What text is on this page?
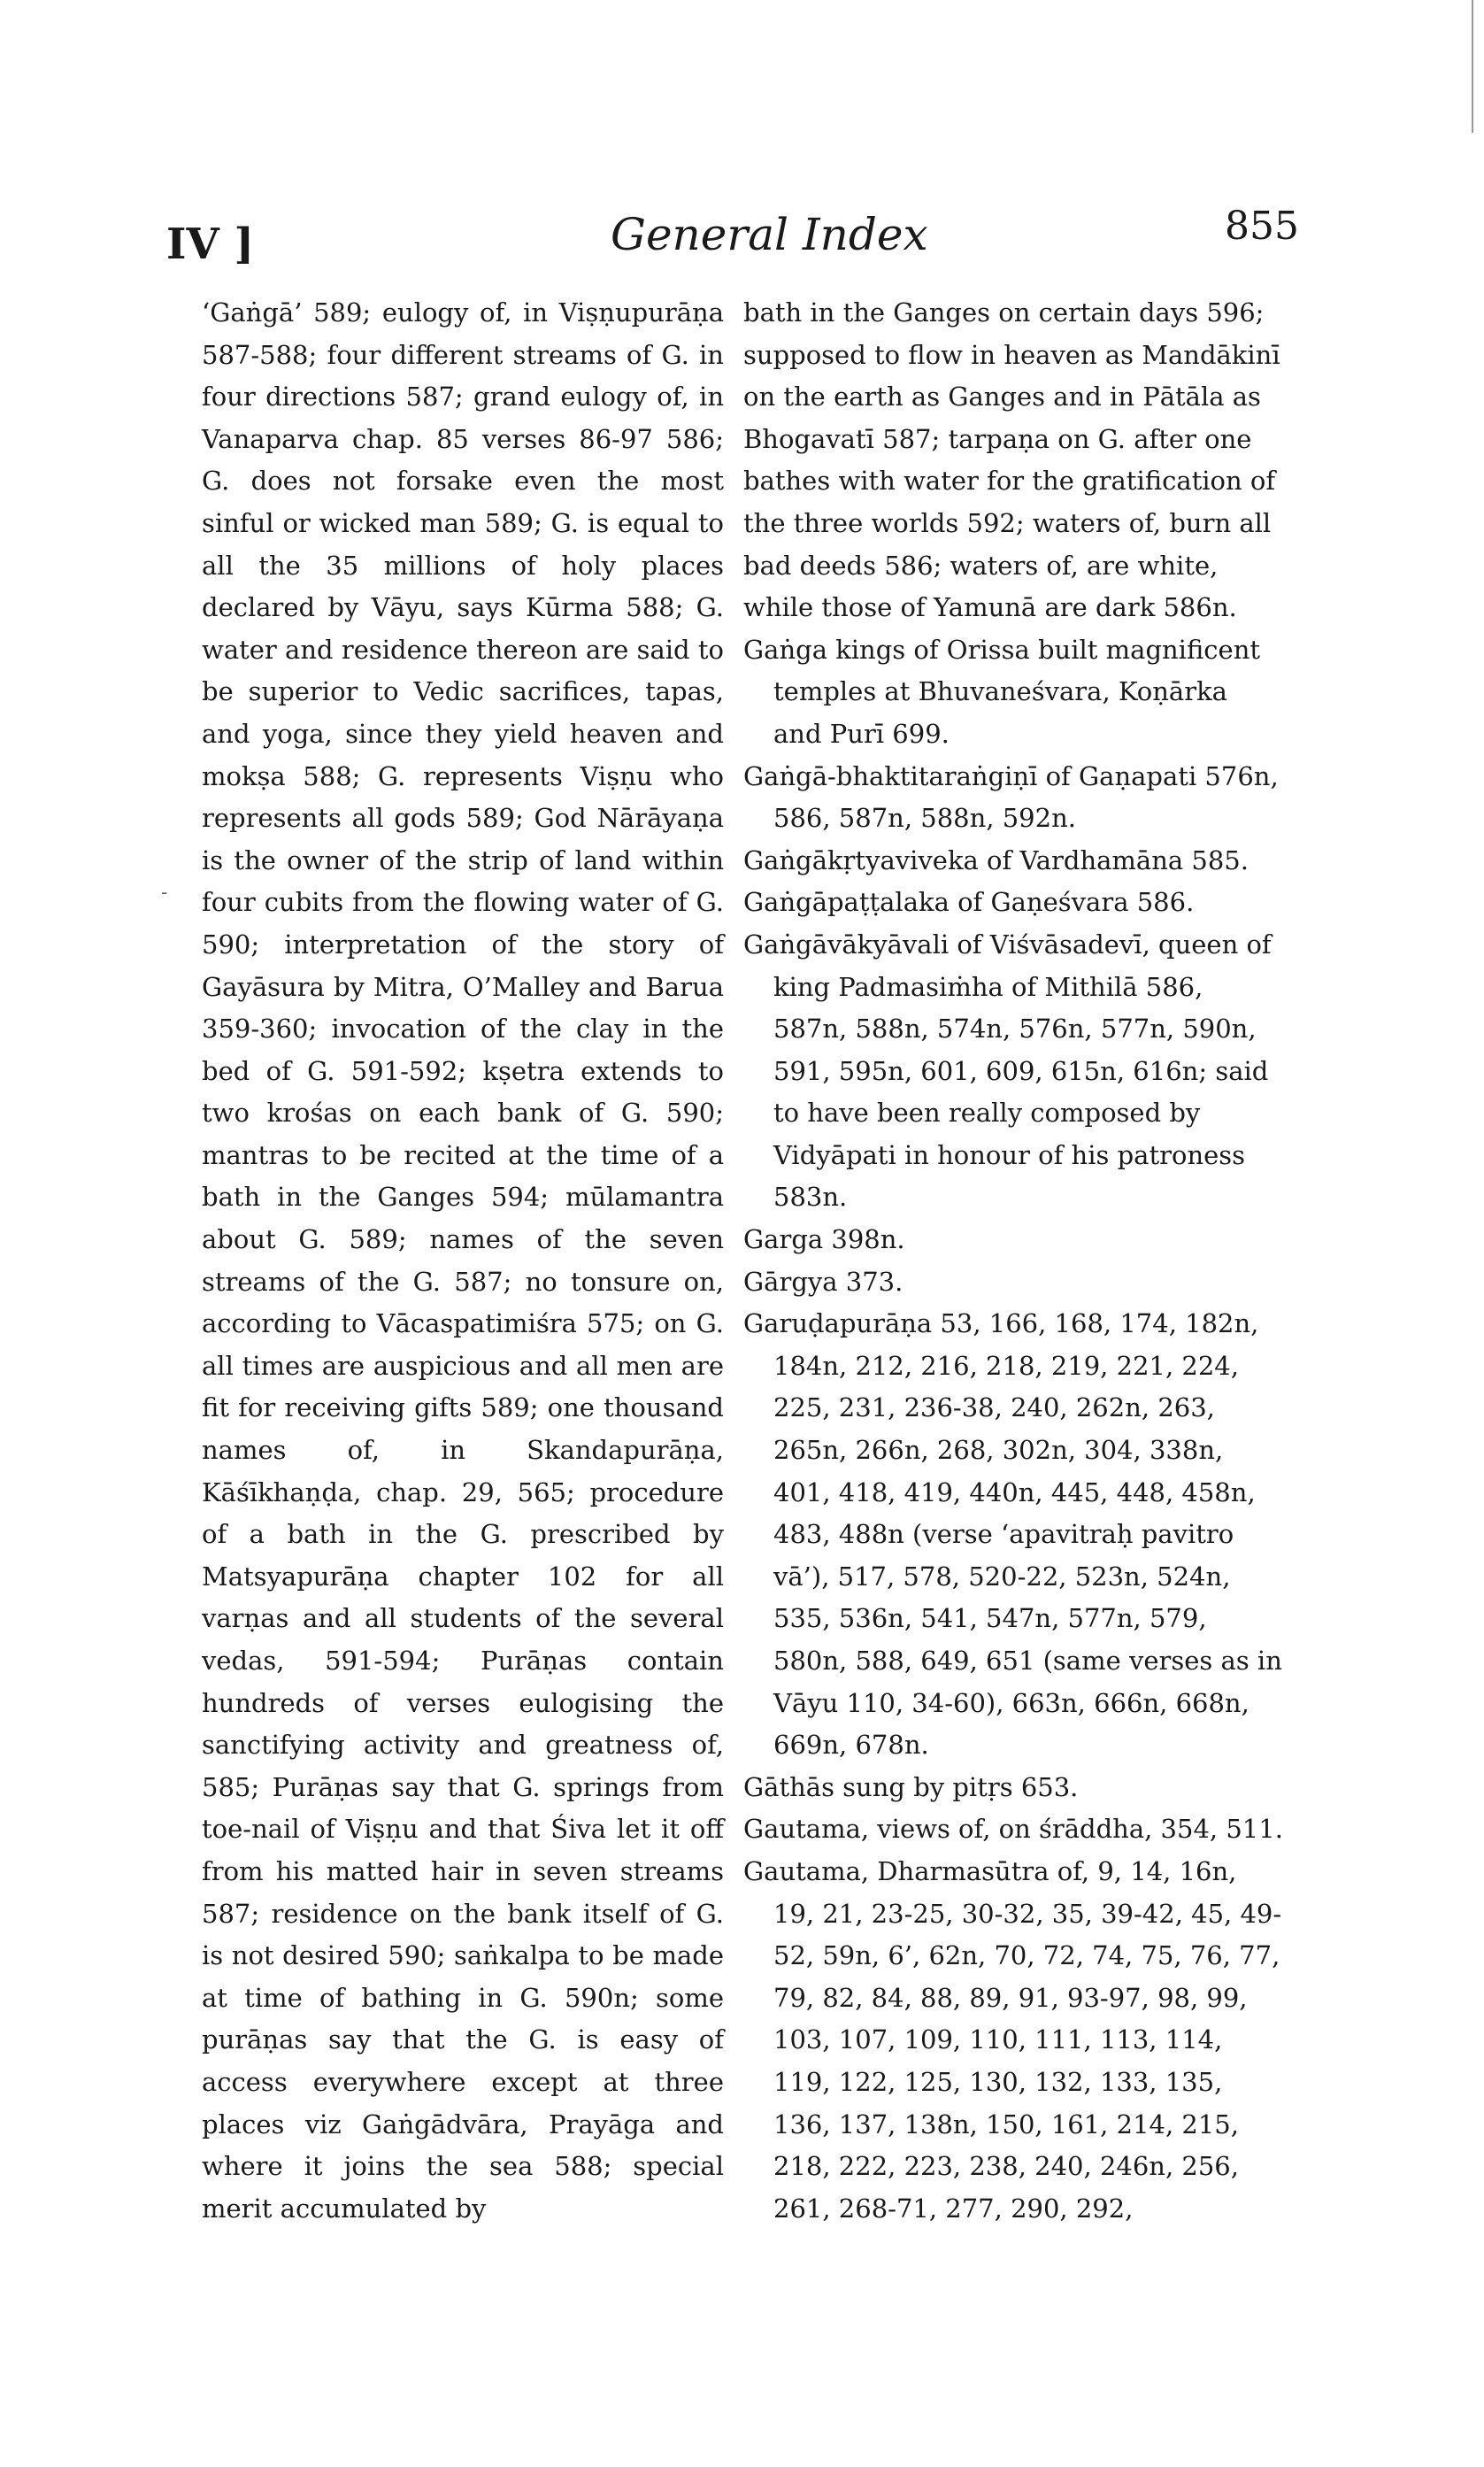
IV ]	General Index	855
-

‘Gaṅgā’ 589; eulogy of, in Viṣṇupurāṇa 587-588; four different streams of G. in four directions 587; grand eulogy of, in Vanaparva chap. 85 verses 86-97 586; G. does not forsake even the most sinful or wicked man 589; G. is equal to all the 35 millions of holy places declared by Vāyu, says Kūrma 588; G. water and residence thereon are said to be superior to Vedic sacrifices, tapas, and yoga, since they yield heaven and mokṣa 588; G. represents Viṣṇu who represents all gods 589; God Nārāyaṇa is the owner of the strip of land within four cubits from the flowing water of G. 590; interpretation of the story of Gayāsura by Mitra, O’Malley and Barua 359-360; invocation of the clay in the bed of G. 591-592; kṣetra extends to two krośas on each bank of G. 590; mantras to be recited at the time of a bath in the Ganges 594; mūlamantra about G. 589; names of the seven streams of the G. 587; no tonsure on, according to Vācaspatimiśra 575; on G. all times are auspicious and all men are fit for receiving gifts 589; one thousand names of, in Skandapurāṇa, Kāśīkhaṇḍa, chap. 29, 565; procedure of a bath in the G. prescribed by Matsyapurāṇa chapter 102 for all varṇas and all students of the several vedas, 591-594; Purāṇas contain hundreds of verses eulogising the sanctifying activity and greatness of, 585; Purāṇas say that G. springs from toe-nail of Viṣṇu and that Śiva let it off from his matted hair in seven streams 587; residence on the bank itself of G. is not desired 590; saṅkalpa to be made at time of bathing in G. 590n; some purāṇas say that the G. is easy of access everywhere except at three places viz Gaṅgādvāra, Prayāga and where it joins the sea 588; special merit accumulated by

bath in the Ganges on certain days 596; supposed to flow in heaven as Mandākinī on the earth as Ganges and in Pātāla as Bhogavatī 587; tarpaṇa on G. after one bathes with water for the gratification of the three worlds 592; waters of, burn all bad deeds 586; waters of, are white, while those of Yamunā are dark 586n.

Gaṅga kings of Orissa built magnificent temples at Bhuvaneśvara, Koṇārka and Purī 699.

Gaṅgā-bhaktitaraṅgiṇī of Gaṇapati 576n, 586, 587n, 588n, 592n.

Gaṅgākṛtyaviveka of Vardhamāna 585.

Gaṅgāpaṭṭalaka of Gaṇeśvara 586.

Gaṅgāvākyāvali of Viśvāsadevī, queen of king Padmasiṁha of Mithilā 586, 587n, 588n, 574n, 576n, 577n, 590n, 591, 595n, 601, 609, 615n, 616n; said to have been really composed by Vidyāpati in honour of his patroness 583n.

Garga 398n.

Gārgya 373.

Garuḍapurāṇa 53, 166, 168, 174, 182n, 184n, 212, 216, 218, 219, 221, 224, 225, 231, 236-38, 240, 262n, 263, 265n, 266n, 268, 302n, 304, 338n, 401, 418, 419, 440n, 445, 448, 458n, 483, 488n (verse ‘apavitraḥ pavitro vā’), 517, 578, 520-22, 523n, 524n, 535, 536n, 541, 547n, 577n, 579, 580n, 588, 649, 651 (same verses as in Vāyu 110, 34-60), 663n, 666n, 668n, 669n, 678n.

Gāthās sung by pitṛs 653.

Gautama, views of, on śrāddha, 354, 511.

Gautama, Dharmasūtra of, 9, 14, 16n, 19, 21, 23-25, 30-32, 35, 39-42, 45, 49-52, 59n, 6’, 62n, 70, 72, 74, 75, 76, 77, 79, 82, 84, 88, 89, 91, 93-97, 98, 99, 103, 107, 109, 110, 111, 113, 114, 119, 122, 125, 130, 132, 133, 135, 136, 137, 138n, 150, 161, 214, 215, 218, 222, 223, 238, 240, 246n, 256, 261, 268-71, 277, 290, 292,
